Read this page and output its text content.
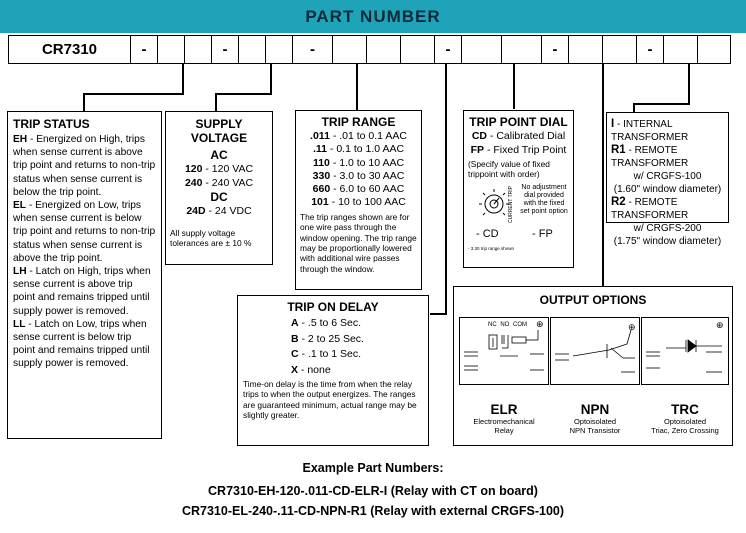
PART NUMBER
CR7310	-	-	-	-	-	-
TRIP STATUS
EH - Energized on High, trips when sense current is above trip point and returns to non-trip status when sense current is below the trip point.
EL - Energized on Low, trips when sense current is below trip point and returns to non-trip status when sense current is above the trip point.
LH - Latch on High, trips when sense current is above trip point and remains tripped until supply power is removed.
LL - Latch on Low, trips when sense current is below trip point and remains tripped until supply power is removed.
SUPPLY VOLTAGE
AC
120 - 120 VAC
240 - 240 VAC
DC
24D - 24 VDC
All supply voltage tolerances are ± 10 %
TRIP RANGE
.011 - .01 to 0.1 AAC
.11 - 0.1 to 1.0 AAC
110 - 1.0 to 10 AAC
330 - 3.0 to 30 AAC
660 - 6.0 to 60 AAC
101 - 10 to 100 AAC
The trip ranges shown are for one wire pass through the window opening. The trip range may be proportionally lowered with additional wire passes through the window.
TRIP POINT DIAL
CD - Calibrated Dial
FP - Fixed Trip Point
(Specify value of fixed trippoint with order)
CURRENT TRIP	No adjustment dial provided with the fixed set point option
- CD	- FP
- 3.30 trip range shown
I - INTERNAL TRANSFORMER
R1 - REMOTE TRANSFORMER
w/ CRGFS-100
(1.60" window diameter)
R2 - REMOTE TRANSFORMER
w/ CRGFS-200
(1.75" window diameter)
TRIP ON DELAY
A - .5 to 6 Sec.
B - 2 to 25 Sec.
C - .1 to 1 Sec.
X - none
Time-on delay is the time from when the relay trips to when the output energizes. The ranges are guaranteed minimum, actual range may be slightly greater.
OUTPUT OPTIONS
NC NO COM ⊕	⊕	⊕
ELR
Electromechanical
Relay
NPN
Optoisolated
NPN Transistor
TRC
Optoisolated
Triac, Zero Crossing
Example Part Numbers:
CR7310-EH-120-.011-CD-ELR-I (Relay with CT on board)
CR7310-EL-240-.11-CD-NPN-R1 (Relay with external CRGFS-100)
